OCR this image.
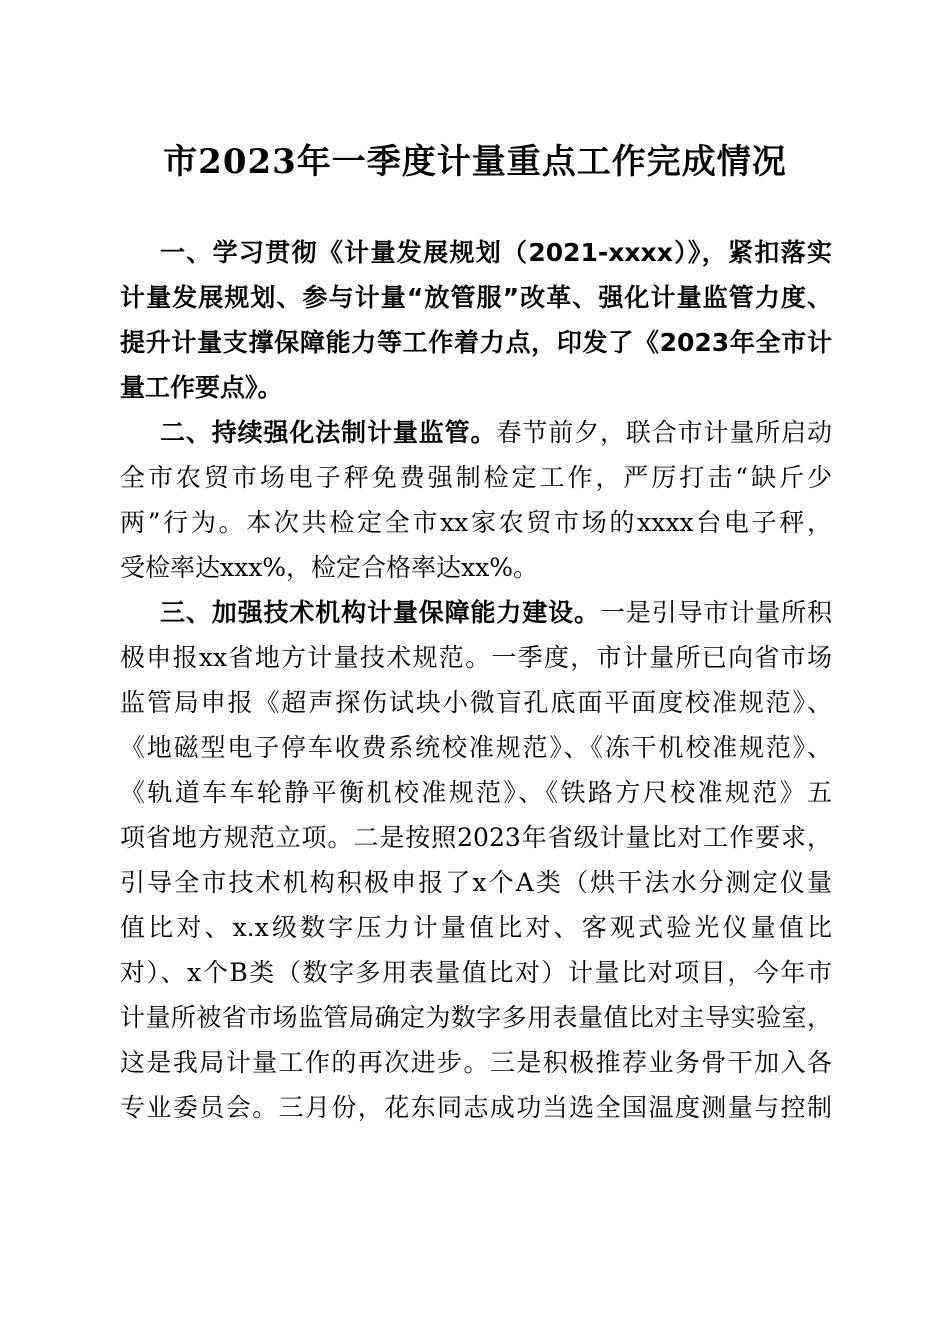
市2023年一季度计量重点工作完成情况
一、学习贯彻《计量发展规划（2021-xxxx）》，紧扣落实
计量发展规划、参与计量“放管服”改革、强化计量监管力度、
提升计量支撑保障能力等工作着力点，印发了《2023年全市计
量工作要点》。
二、持续强化法制计量监管。春节前夕，联合市计量所启动
全市农贸市场电子秤免费强制检定工作，严厉打击“缺斤少
两”行为。本次共检定全市xx家农贸市场的xxxx台电子秤，
受检率达xxx%，检定合格率达xx%。
三、加强技术机构计量保障能力建设。一是引导市计量所积
极申报xx省地方计量技术规范。一季度，市计量所已向省市场
监管局申报《超声探伤试块小微盲孔底面平面度校准规范》、
《地磁型电子停车收费系统校准规范》、《冻干机校准规范》、
《轨道车车轮静平衡机校准规范》、《铁路方尺校准规范》五
项省地方规范立项。二是按照2023年省级计量比对工作要求，
引导全市技术机构积极申报了x个A类（烘干法水分测定仪量
值比对、x.x级数字压力计量值比对、客观式验光仪量值比
对）、x个B类（数字多用表量值比对）计量比对项目，今年市
计量所被省市场监管局确定为数字多用表量值比对主导实验室，
这是我局计量工作的再次进步。三是积极推荐业务骨干加入各
专业委员会。三月份，花东同志成功当选全国温度测量与控制
